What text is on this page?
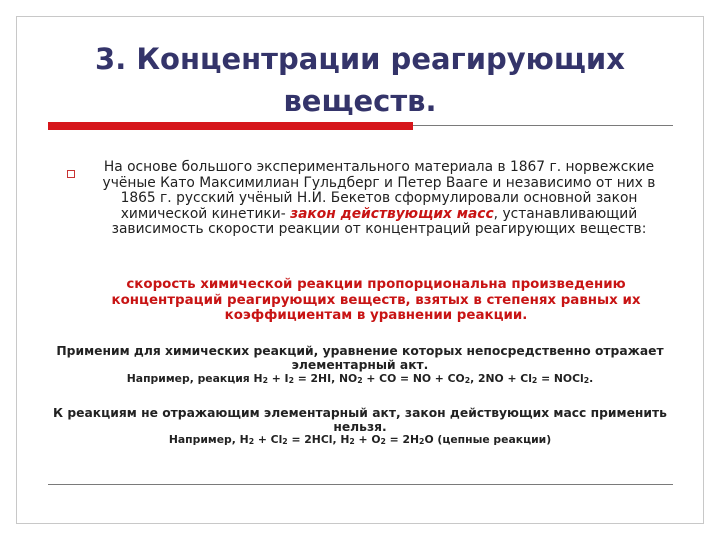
3. Концентрации реагирующих
веществ.

На основе большого экспериментального материала в 1867 г. норвежские учёные Като Максимилиан Гульдберг и Петер Вааге и независимо от них в 1865 г. русский учёный Н.И. Бекетов сформулировали основной закон химической кинетики- закон действующих масс, устанавливающий зависимость скорости реакции от концентраций реагирующих веществ:

скорость химической реакции пропорциональна произведению концентраций реагирующих веществ, взятых в степенях равных их коэффициентам в уравнении реакции.

Применим для химических реакций, уравнение которых непосредственно отражает элементарный акт.

Например, реакция $H_2 + I_2 = 2HI$, $NO_2$ + CO = NO + $CO_2$, $2NO + Cl_2$ = NOCl$_2$.

К реакциям не отражающим элементарный акт, закон действующих масс применить нельзя.

Например, $H_2 + Cl_2 = 2HCl$, $H_2 + O_2 = 2H_2O$ (цепные реакции)
